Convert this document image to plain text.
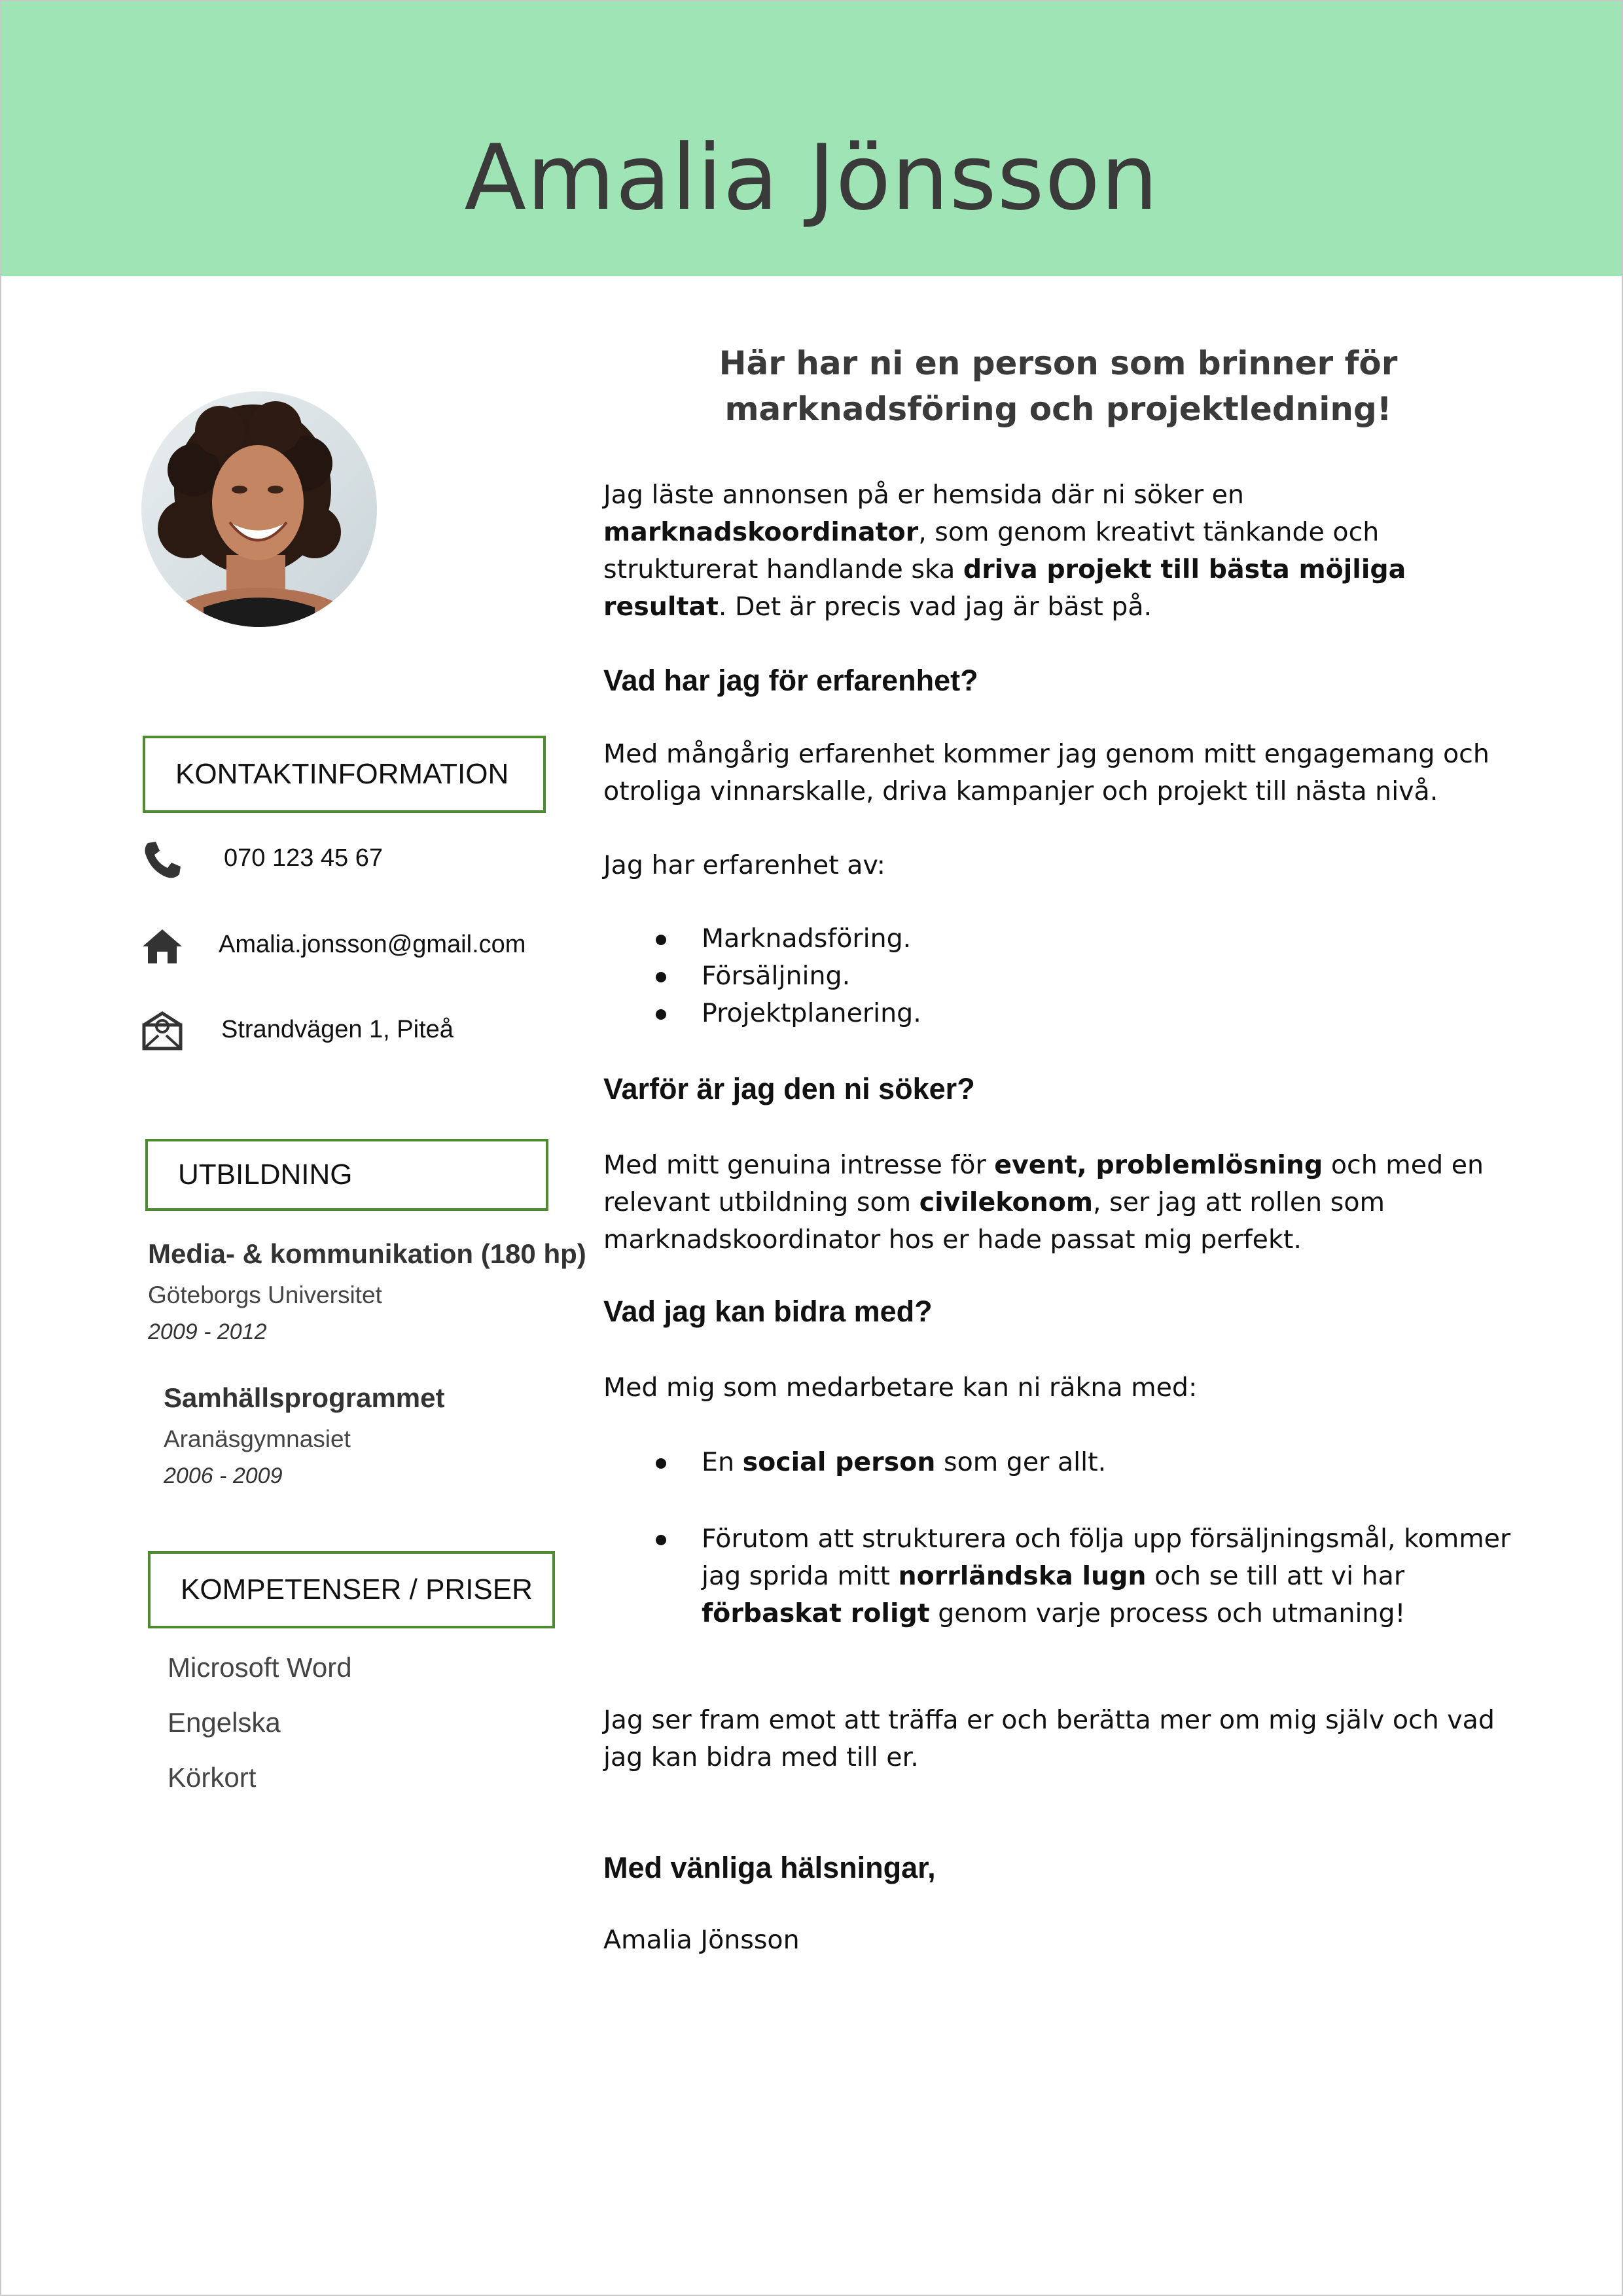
Amalia Jönsson
KONTAKTINFORMATION
070 123 45 67
Amalia.jonsson@gmail.com
Strandvägen 1, Piteå
UTBILDNING
Media- & kommunikation (180 hp)
Göteborgs Universitet
2009 - 2012
Samhällsprogrammet
Aranäsgymnasiet
2006 - 2009
KOMPETENSER / PRISER
Microsoft Word
Engelska
Körkort
Här har ni en person som brinner för
marknadsföring och projektledning!

Jag läste annonsen på er hemsida där ni söker en marknadskoordinator, som genom kreativt tänkande och strukturerat handlande ska driva projekt till bästa möjliga resultat. Det är precis vad jag är bäst på.

Vad har jag för erfarenhet?

Med mångårig erfarenhet kommer jag genom mitt engagemang och otroliga vinnarskalle, driva kampanjer och projekt till nästa nivå.

Jag har erfarenhet av:

Marknadsföring.
Försäljning.
Projektplanering.
Varför är jag den ni söker?

Med mitt genuina intresse för event, problemlösning och med en relevant utbildning som civilekonom, ser jag att rollen som marknadskoordinator hos er hade passat mig perfekt.

Vad jag kan bidra med?

Med mig som medarbetare kan ni räkna med:

En social person som ger allt.
Förutom att strukturera och följa upp försäljningsmål, kommer jag sprida mitt norrländska lugn och se till att vi har förbaskat roligt genom varje process och utmaning!

Jag ser fram emot att träffa er och berätta mer om mig själv och vad jag kan bidra med till er.

Med vänliga hälsningar,

Amalia Jönsson
